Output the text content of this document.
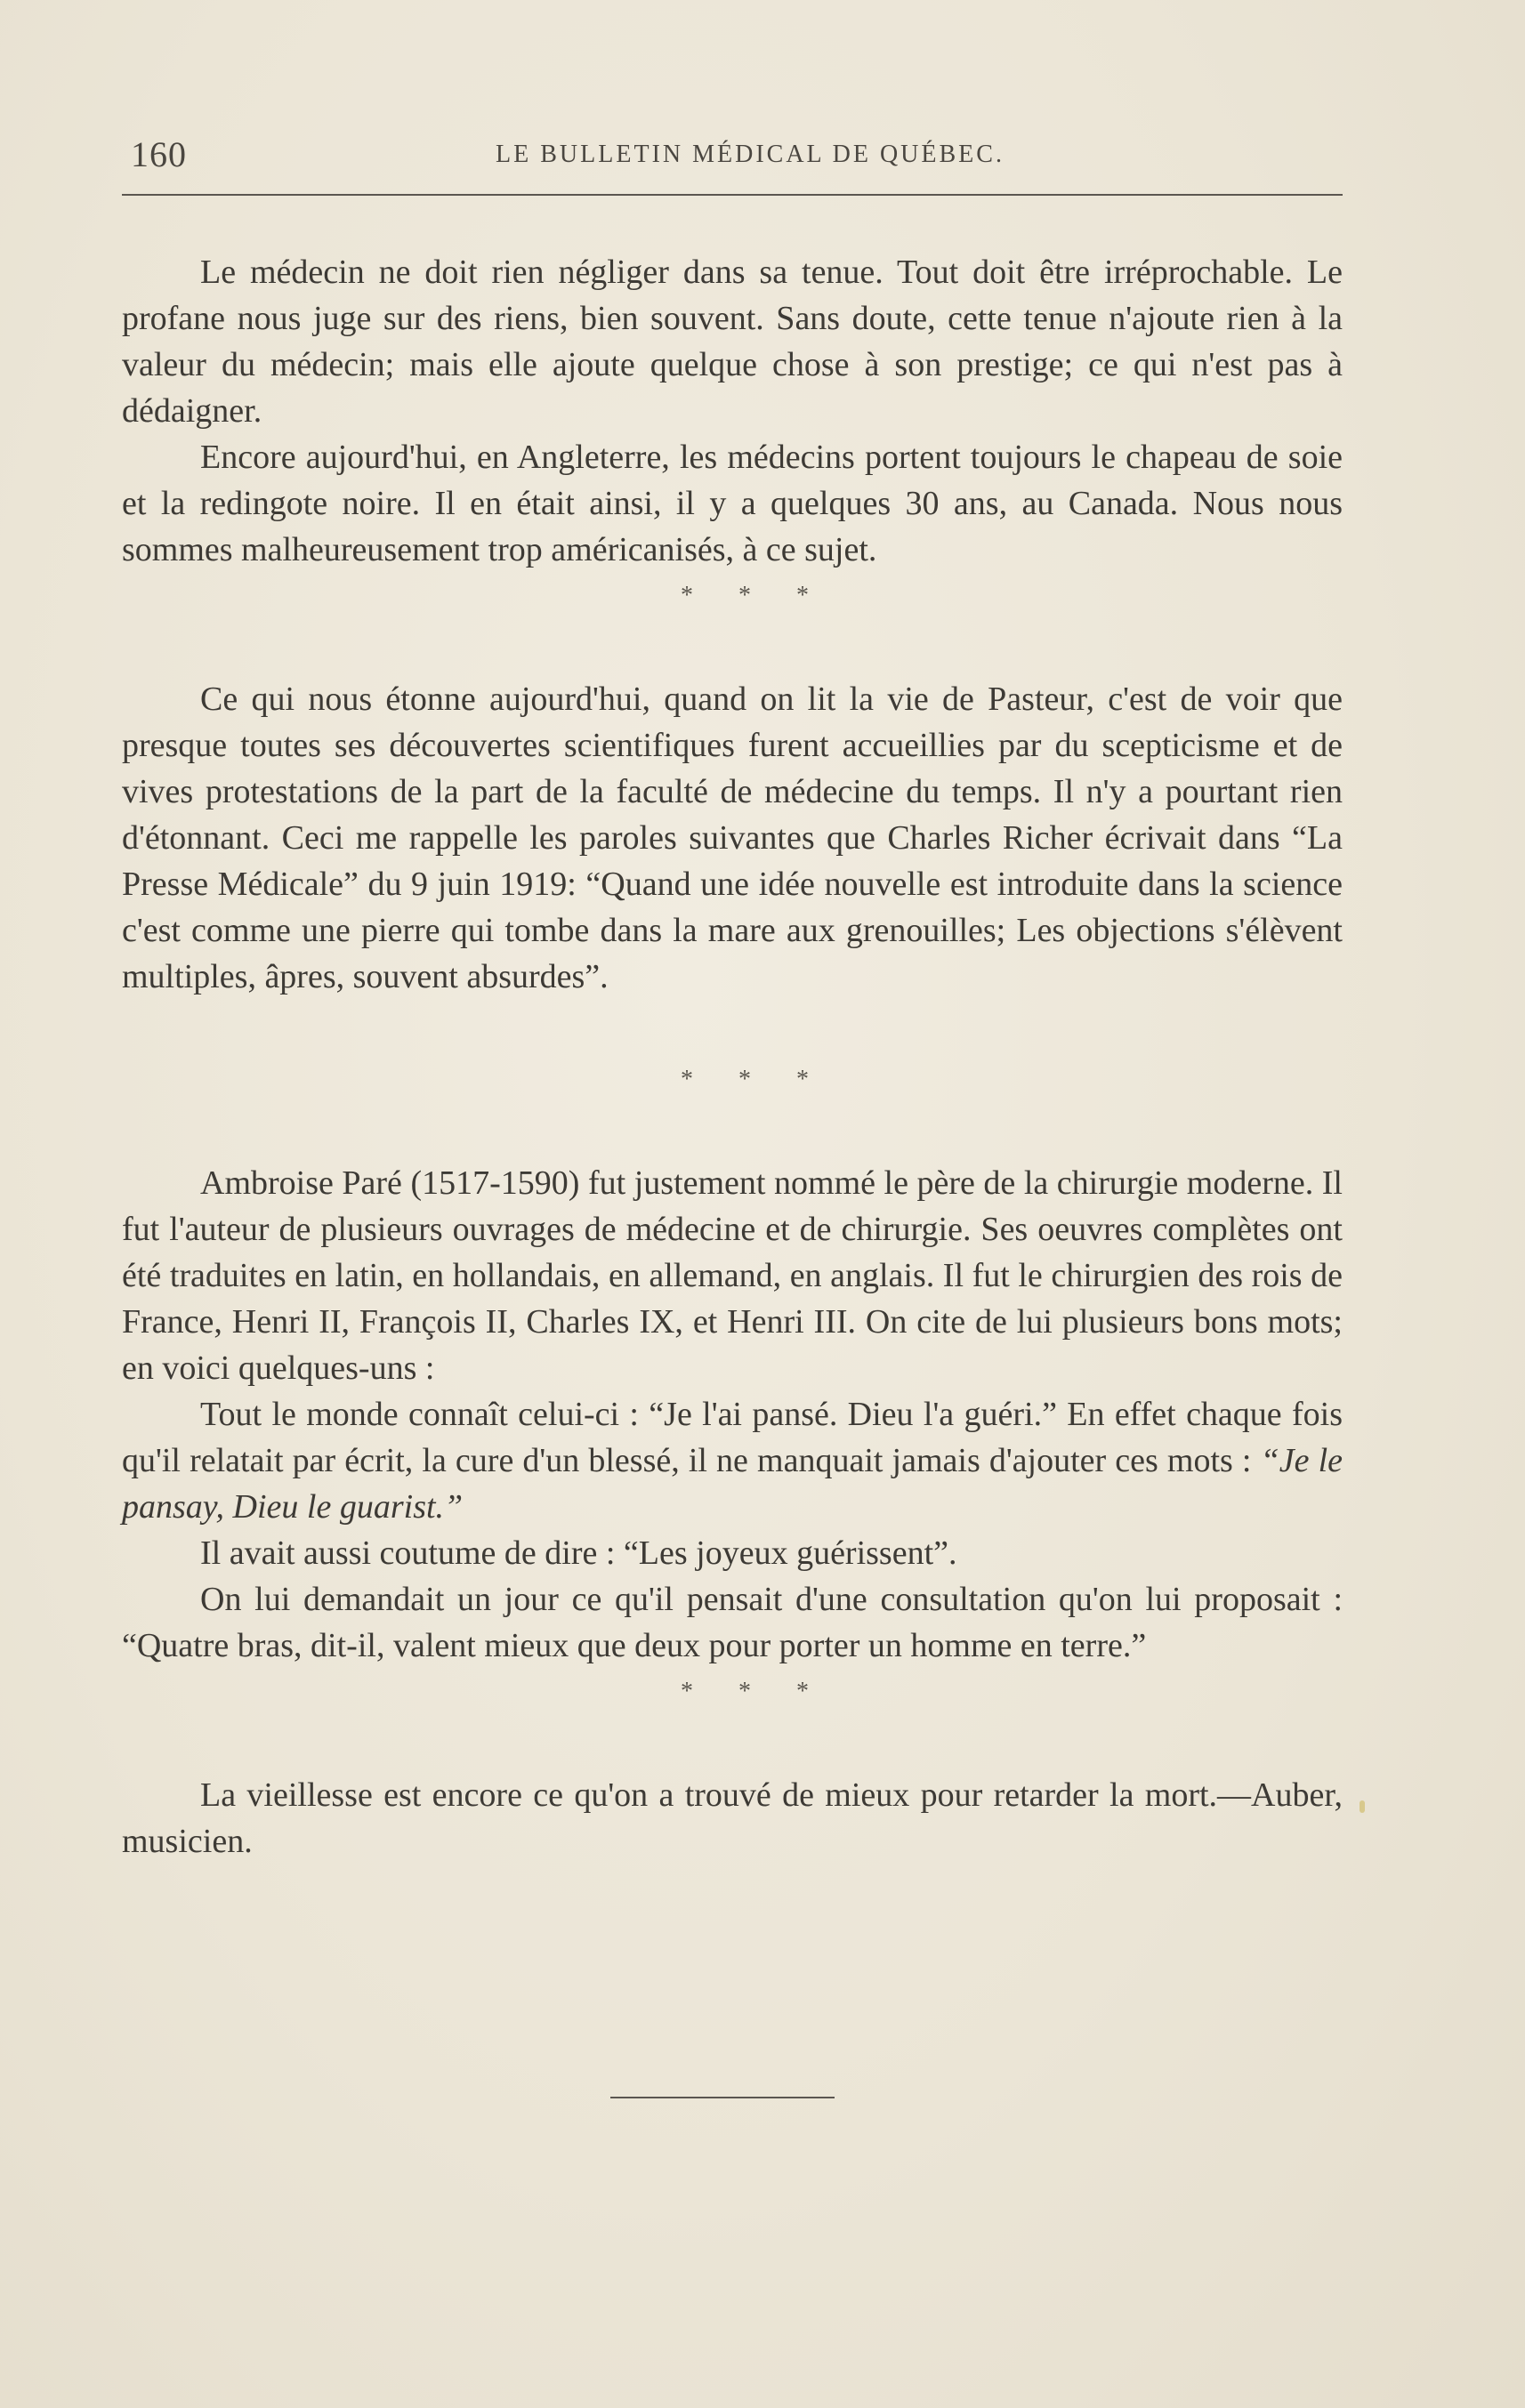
160	LE BULLETIN MÉDICAL DE QUÉBEC.

Le médecin ne doit rien négliger dans sa tenue. Tout doit être irréprochable. Le profane nous juge sur des riens, bien souvent. Sans doute, cette tenue n'ajoute rien à la valeur du médecin; mais elle ajoute quelque chose à son prestige; ce qui n'est pas à dédaigner.

Encore aujourd'hui, en Angleterre, les médecins portent toujours le chapeau de soie et la redingote noire. Il en était ainsi, il y a quelques 30 ans, au Canada. Nous nous sommes malheureusement trop américanisés, à ce sujet.

* * *

Ce qui nous étonne aujourd'hui, quand on lit la vie de Pasteur, c'est de voir que presque toutes ses découvertes scientifiques furent accueillies par du scepticisme et de vives protestations de la part de la faculté de médecine du temps. Il n'y a pourtant rien d'étonnant. Ceci me rappelle les paroles suivantes que Charles Richer écrivait dans “La Presse Médicale” du 9 juin 1919: “Quand une idée nouvelle est introduite dans la science c'est comme une pierre qui tombe dans la mare aux grenouilles; Les objections s'élèvent multiples, âpres, souvent absurdes”.

* * *

Ambroise Paré (1517-1590) fut justement nommé le père de la chirurgie moderne. Il fut l'auteur de plusieurs ouvrages de médecine et de chirurgie. Ses oeuvres complètes ont été traduites en latin, en hollandais, en allemand, en anglais. Il fut le chirurgien des rois de France, Henri II, François II, Charles IX, et Henri III. On cite de lui plusieurs bons mots; en voici quelques-uns :

Tout le monde connaît celui-ci : “Je l'ai pansé. Dieu l'a guéri.” En effet chaque fois qu'il relatait par écrit, la cure d'un blessé, il ne manquait jamais d'ajouter ces mots : “Je le pansay, Dieu le guarist.”

Il avait aussi coutume de dire : “Les joyeux guérissent”.

On lui demandait un jour ce qu'il pensait d'une consultation qu'on lui proposait : “Quatre bras, dit-il, valent mieux que deux pour porter un homme en terre.”

* * *

La vieillesse est encore ce qu'on a trouvé de mieux pour retarder la mort.—Auber, musicien.
